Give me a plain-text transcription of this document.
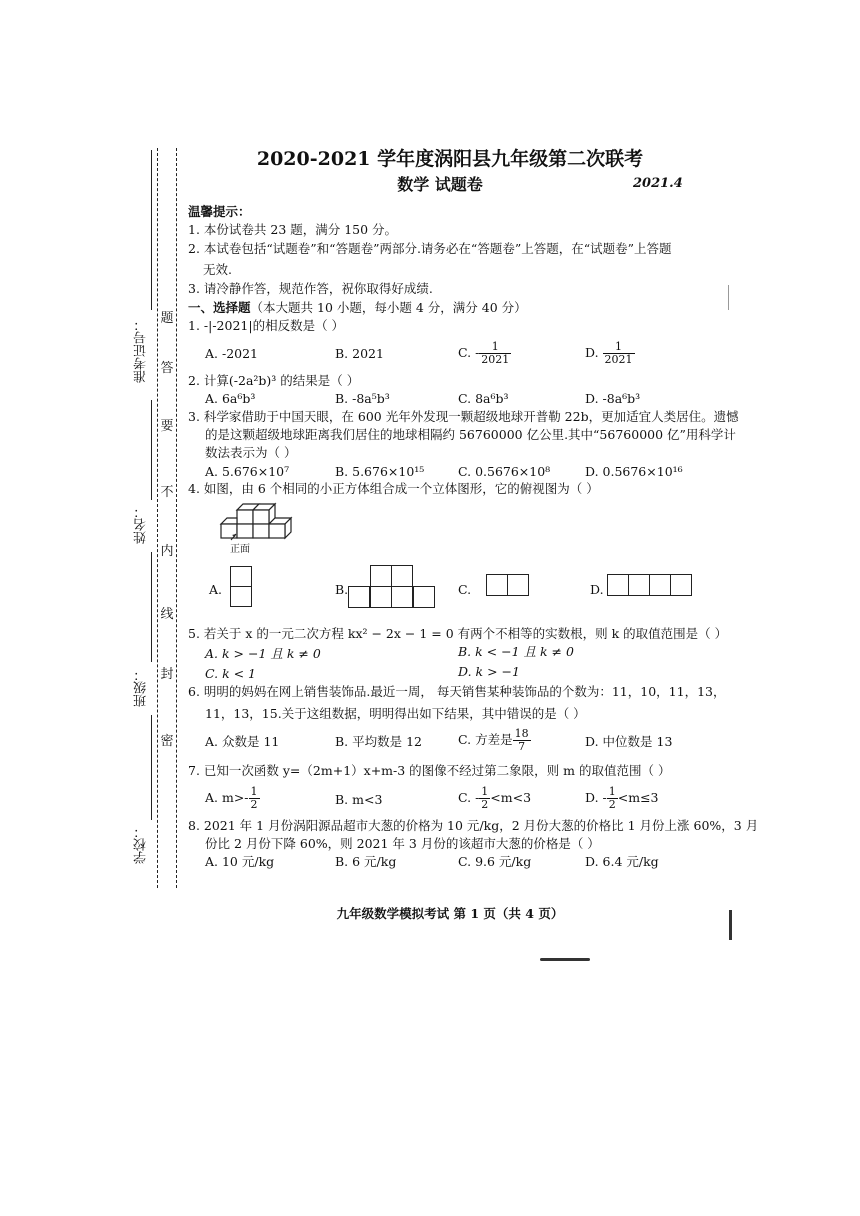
题
答
要
不
内
线
封
密
准考证号：
姓名：
班级：
学校：
2020-2021 学年度涡阳县九年级第二次联考
数学 试题卷	2021.4
温馨提示：
1. 本份试卷共 23 题，满分 150 分。
2. 本试卷包括“试题卷”和“答题卷”两部分.请务必在“答题卷”上答题，在“试题卷”上答题
无效.
3. 请冷静作答，规范作答，祝你取得好成绩.
一、选择题（本大题共 10 小题，每小题 4 分，满分 40 分）
1. -|-2021|的相反数是（ ）
A. -2021	B. 2021	C. - $\frac{1}{2021}$	D. $\frac{1}{2021}$
2. 计算(-2a²b)³ 的结果是（ ）
A. 6a⁶b³	B. -8a⁵b³	C. 8a⁶b³	D. -8a⁶b³
3. 科学家借助于中国天眼，在 600 光年外发现一颗超级地球开普勒 22b，更加适宜人类居住。遗憾
的是这颗超级地球距离我们居住的地球相隔约 56760000 亿公里.其中“56760000 亿”用科学计
数法表示为（ ）
A. 5.676×10⁷	B. 5.676×10¹⁵	C. 0.5676×10⁸	D. 0.5676×10¹⁶
4. 如图，由 6 个相同的小正方体组合成一个立体图形，它的俯视图为（ ）
正面
A.	B.	C.	D.
5. 若关于 x 的一元二次方程 kx² − 2x − 1 = 0 有两个不相等的实数根，则 k 的取值范围是（ ）
A. k > −1 且 k ≠ 0	B. k < −1 且 k ≠ 0
C. k < 1	D. k > −1
6. 明明的妈妈在网上销售装饰品.最近一周， 每天销售某种装饰品的个数为：11，10，11，13，
11，13，15.关于这组数据，明明得出如下结果，其中错误的是（ ）
A. 众数是 11	B. 平均数是 12	C. 方差是 $\frac{18}{7}$	D. 中位数是 13
7. 已知一次函数 y=（2m+1）x+m-3 的图像不经过第二象限，则 m 的取值范围（ ）
A. $m>- \frac{1}{2}$	B. m<3	C. - $\frac{1}{2} <m<3$	D. - $\frac{1}{2} <m\le 3$
8. 2021 年 1 月份涡阳源品超市大葱的价格为 10 元/kg，2 月份大葱的价格比 1 月份上涨 60%，3 月
份比 2 月份下降 60%，则 2021 年 3 月份的该超市大葱的价格是（ ）
A. 10 元/kg	B. 6 元/kg	C. 9.6 元/kg	D. 6.4 元/kg
九年级数学模拟考试 第 1 页（共 4 页）
